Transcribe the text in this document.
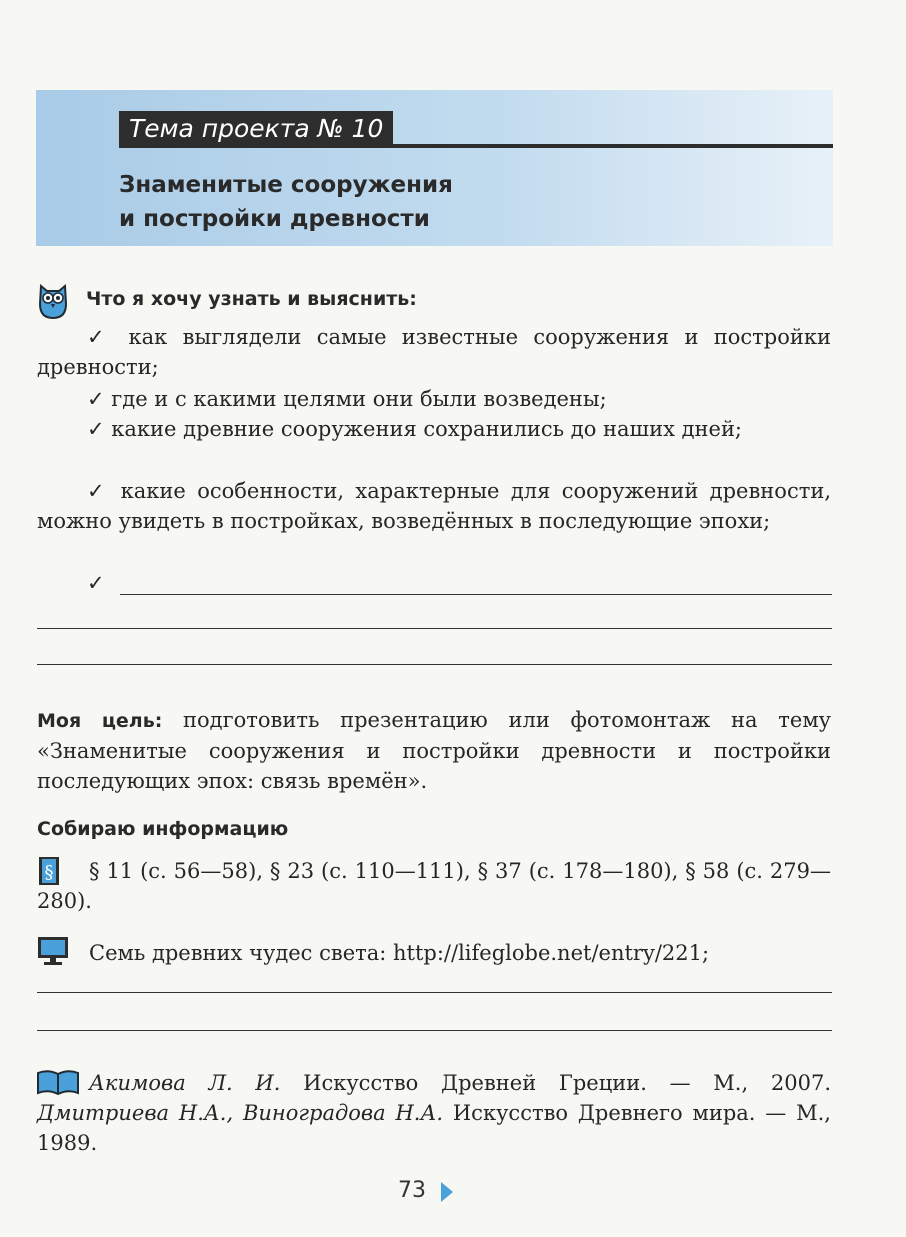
Тема проекта № 10
Знаменитые сооружения
и постройки древности
Что я хочу узнать и выяснить:
✓ как выглядели самые известные сооружения и постройки древности;
✓ где и с какими целями они были возведены;
✓ какие древние сооружения сохранились до наших дней;
✓ какие особенности, характерные для сооружений древности, можно увидеть в постройках, возведённых в последующие эпохи;
✓
Моя цель: подготовить презентацию или фотомонтаж на тему «Знаменитые сооружения и постройки древности и постройки последующих эпох: связь времён».
Собираю информацию
§	§ 11 (с. 56—58), § 23 (с. 110—111), § 37 (с. 178—180), § 58 (с. 279—280).
Семь древних чудес света: http://lifeglobe.net/entry/221;
Акимова Л. И. Искусство Древней Греции. — М., 2007. Дмитриева Н.А., Виноградова Н.А. Искусство Древнего мира. — М., 1989.
73
